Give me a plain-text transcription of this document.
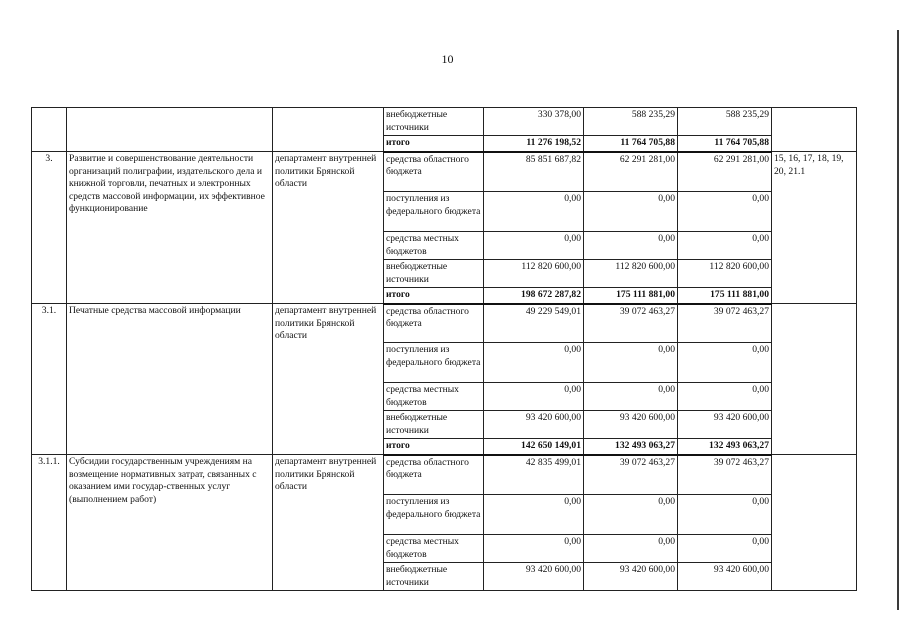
10
			внебюджетные источники	330 378,00	588 235,29	588 235,29	
			итого	11 276 198,52	11 764 705,88	11 764 705,88	
3.	Развитие и совершенствование деятельности организаций полиграфии, издательского дела и книжной торговли, печатных и электронных средств массовой информации, их эффективное функционирование	департамент внутренней политики Брянской области	средства областного бюджета	85 851 687,82	62 291 281,00	62 291 281,00	15, 16, 17, 18, 19, 20, 21.1
			поступления из федерального бюджета	0,00	0,00	0,00	
			средства местных бюджетов	0,00	0,00	0,00	
			внебюджетные источники	112 820 600,00	112 820 600,00	112 820 600,00	
			итого	198 672 287,82	175 111 881,00	175 111 881,00	
3.1.	Печатные средства массовой информации	департамент внутренней политики Брянской области	средства областного бюджета	49 229 549,01	39 072 463,27	39 072 463,27	
			поступления из федерального бюджета	0,00	0,00	0,00	
			средства местных бюджетов	0,00	0,00	0,00	
			внебюджетные источники	93 420 600,00	93 420 600,00	93 420 600,00	
			итого	142 650 149,01	132 493 063,27	132 493 063,27	
3.1.1.	Субсидии государственным учреждениям на возмещение нормативных затрат, связанных с оказанием ими государ-ственных услуг (выполнением работ)	департамент внутренней политики Брянской области	средства областного бюджета	42 835 499,01	39 072 463,27	39 072 463,27	
			поступления из федерального бюджета	0,00	0,00	0,00	
			средства местных бюджетов	0,00	0,00	0,00	
			внебюджетные источники	93 420 600,00	93 420 600,00	93 420 600,00	
